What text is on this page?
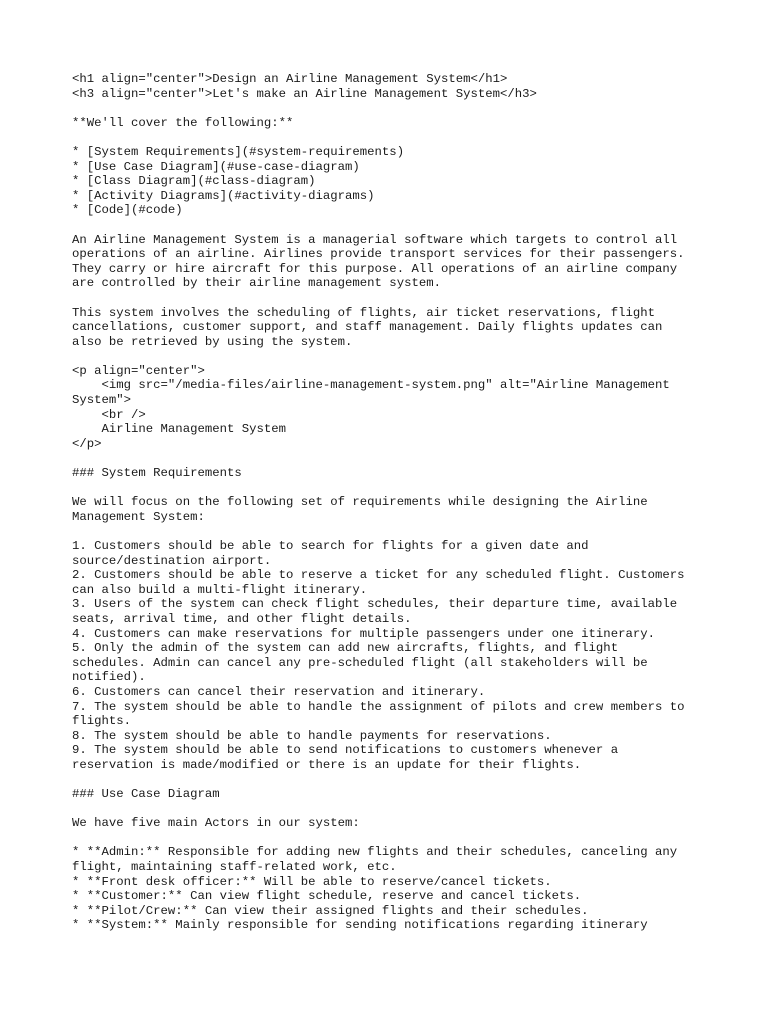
<h1 align="center">Design an Airline Management System</h1>
<h3 align="center">Let's make an Airline Management System</h3>
**We'll cover the following:**
* [System Requirements](#system-requirements)
* [Use Case Diagram](#use-case-diagram)
* [Class Diagram](#class-diagram)
* [Activity Diagrams](#activity-diagrams)
* [Code](#code)
An Airline Management System is a managerial software which targets to control all
operations of an airline. Airlines provide transport services for their passengers.
They carry or hire aircraft for this purpose. All operations of an airline company
are controlled by their airline management system.
This system involves the scheduling of flights, air ticket reservations, flight
cancellations, customer support, and staff management. Daily flights updates can
also be retrieved by using the system.
<p align="center">
<img src="/media-files/airline-management-system.png" alt="Airline Management
System">
<br />
Airline Management System
</p>
### System Requirements
We will focus on the following set of requirements while designing the Airline
Management System:
1. Customers should be able to search for flights for a given date and
source/destination airport.
2. Customers should be able to reserve a ticket for any scheduled flight. Customers
can also build a multi-flight itinerary.
3. Users of the system can check flight schedules, their departure time, available
seats, arrival time, and other flight details.
4. Customers can make reservations for multiple passengers under one itinerary.
5. Only the admin of the system can add new aircrafts, flights, and flight
schedules. Admin can cancel any pre-scheduled flight (all stakeholders will be
notified).
6. Customers can cancel their reservation and itinerary.
7. The system should be able to handle the assignment of pilots and crew members to
flights.
8. The system should be able to handle payments for reservations.
9. The system should be able to send notifications to customers whenever a
reservation is made/modified or there is an update for their flights.
### Use Case Diagram
We have five main Actors in our system:
* **Admin:** Responsible for adding new flights and their schedules, canceling any
flight, maintaining staff-related work, etc.
* **Front desk officer:** Will be able to reserve/cancel tickets.
* **Customer:** Can view flight schedule, reserve and cancel tickets.
* **Pilot/Crew:** Can view their assigned flights and their schedules.
* **System:** Mainly responsible for sending notifications regarding itinerary
